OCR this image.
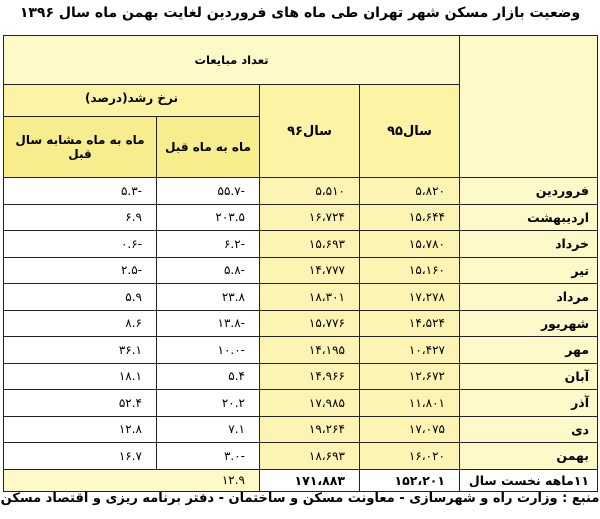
وضعیت بازار مسکن شهر تهران طی ماه های فروردین لغایت بهمن ماه سال ۱۳۹۶
	تعداد مبایعات			
	سال۹۵	سال۹۶	نرخ رشد(درصد)	
			ماه به ماه قبل	ماه به ماه مشابه سال قبل
فروردین	۵،۸۲۰	۵،۵۱۰	-۵۵.۷	-۵.۳
اردیبهشت	۱۵،۶۴۴	۱۶،۷۲۴	۲۰۳.۵	۶.۹
خرداد	۱۵،۷۸۰	۱۵،۶۹۳	-۶.۲	-۰.۶
تیر	۱۵،۱۶۰	۱۴،۷۷۷	-۵.۸	-۲.۵
مرداد	۱۷،۲۷۸	۱۸،۳۰۱	۲۳.۸	۵.۹
شهریور	۱۴،۵۲۴	۱۵،۷۷۶	-۱۳.۸	۸.۶
مهر	۱۰،۴۲۷	۱۴،۱۹۵	-۱۰.۰	۳۶.۱
آبان	۱۲،۶۷۲	۱۴،۹۶۶	۵.۴	۱۸.۱
آذر	۱۱،۸۰۱	۱۷،۹۸۵	۲۰.۲	۵۲.۴
دی	۱۷،۰۷۵	۱۹،۲۶۴	۷.۱	۱۲.۸
بهمن	۱۶،۰۲۰	۱۸،۶۹۳	-۳.۰	۱۶.۷
۱۱ماهه نخست سال	۱۵۲،۲۰۱	۱۷۱،۸۸۳	۱۲.۹	
منبع : وزارت راه و شهرسازی - معاونت مسکن و ساختمان - دفتر برنامه ریزی و اقتصاد مسکن
